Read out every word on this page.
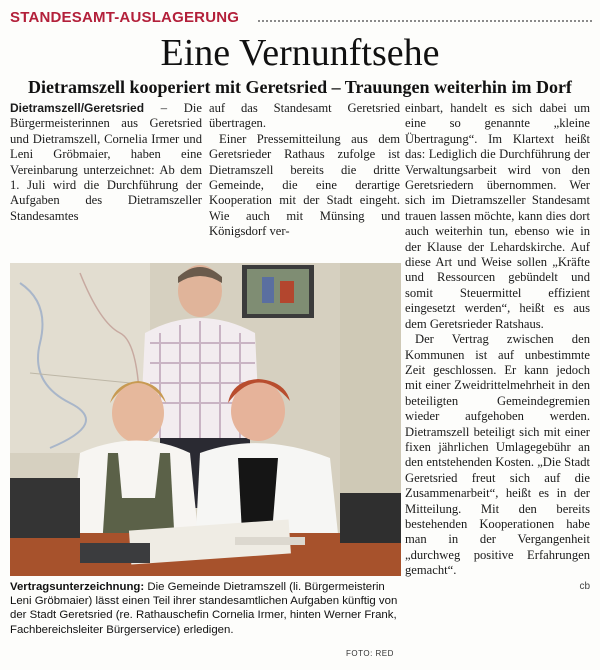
STANDESAMT-AUSLAGERUNG
Eine Vernunftsehe
Dietramszell kooperiert mit Geretsried – Trauungen weiterhin im Dorf

Dietramszell/Geretsried – Die Bürgermeisterinnen aus Geretsried und Dietramszell, Cornelia Irmer und Leni Gröbmaier, haben eine Vereinbarung unterzeichnet: Ab dem 1. Juli wird die Durchführung der Aufgaben des Dietramszeller Standesamtes

auf das Standesamt Geretsried übertragen.

Einer Pressemitteilung aus dem Geretsrieder Rathaus zufolge ist Dietramszell bereits die dritte Gemeinde, die eine derartige Kooperation mit der Stadt eingeht. Wie auch mit Münsing und Königsdorf ver-

einbart, handelt es sich dabei um eine so genannte „kleine Übertragung“. Im Klartext heißt das: Lediglich die Durchführung der Verwaltungsarbeit wird von den Geretsriedern übernommen. Wer sich im Dietramszeller Standesamt trauen lassen möchte, kann dies dort auch weiterhin tun, ebenso wie in der Klause der Lehardskirche. Auf diese Art und Weise sollen „Kräfte und Ressourcen gebündelt und somit Steuermittel effizient eingesetzt werden“, heißt es aus dem Geretsrieder Ratshaus.

Der Vertrag zwischen den Kommunen ist auf unbestimmte Zeit geschlossen. Er kann jedoch mit einer Zweidrittelmehrheit in den beteiligten Gemeindegremien wieder aufgehoben werden. Dietramszell beteiligt sich mit einer fixen jährlichen Umlagegebühr an den entstehenden Kosten. „Die Stadt Geretsried freut sich auf die Zusammenarbeit“, heißt es in der Mitteilung. Mit den bereits bestehenden Kooperationen habe man in der Vergangenheit „durchweg positive Erfahrungen gemacht“.

cb
Vertragsunterzeichnung: Die Gemeinde Dietramszell (li. Bürgermeisterin Leni Gröbmaier) lässt einen Teil ihrer standesamtlichen Aufgaben künftig von der Stadt Geretsried (re. Rathauschefin Cornelia Irmer, hinten Werner Frank, Fachbereichsleiter Bürgerservice) erledigen.
FOTO: RED
